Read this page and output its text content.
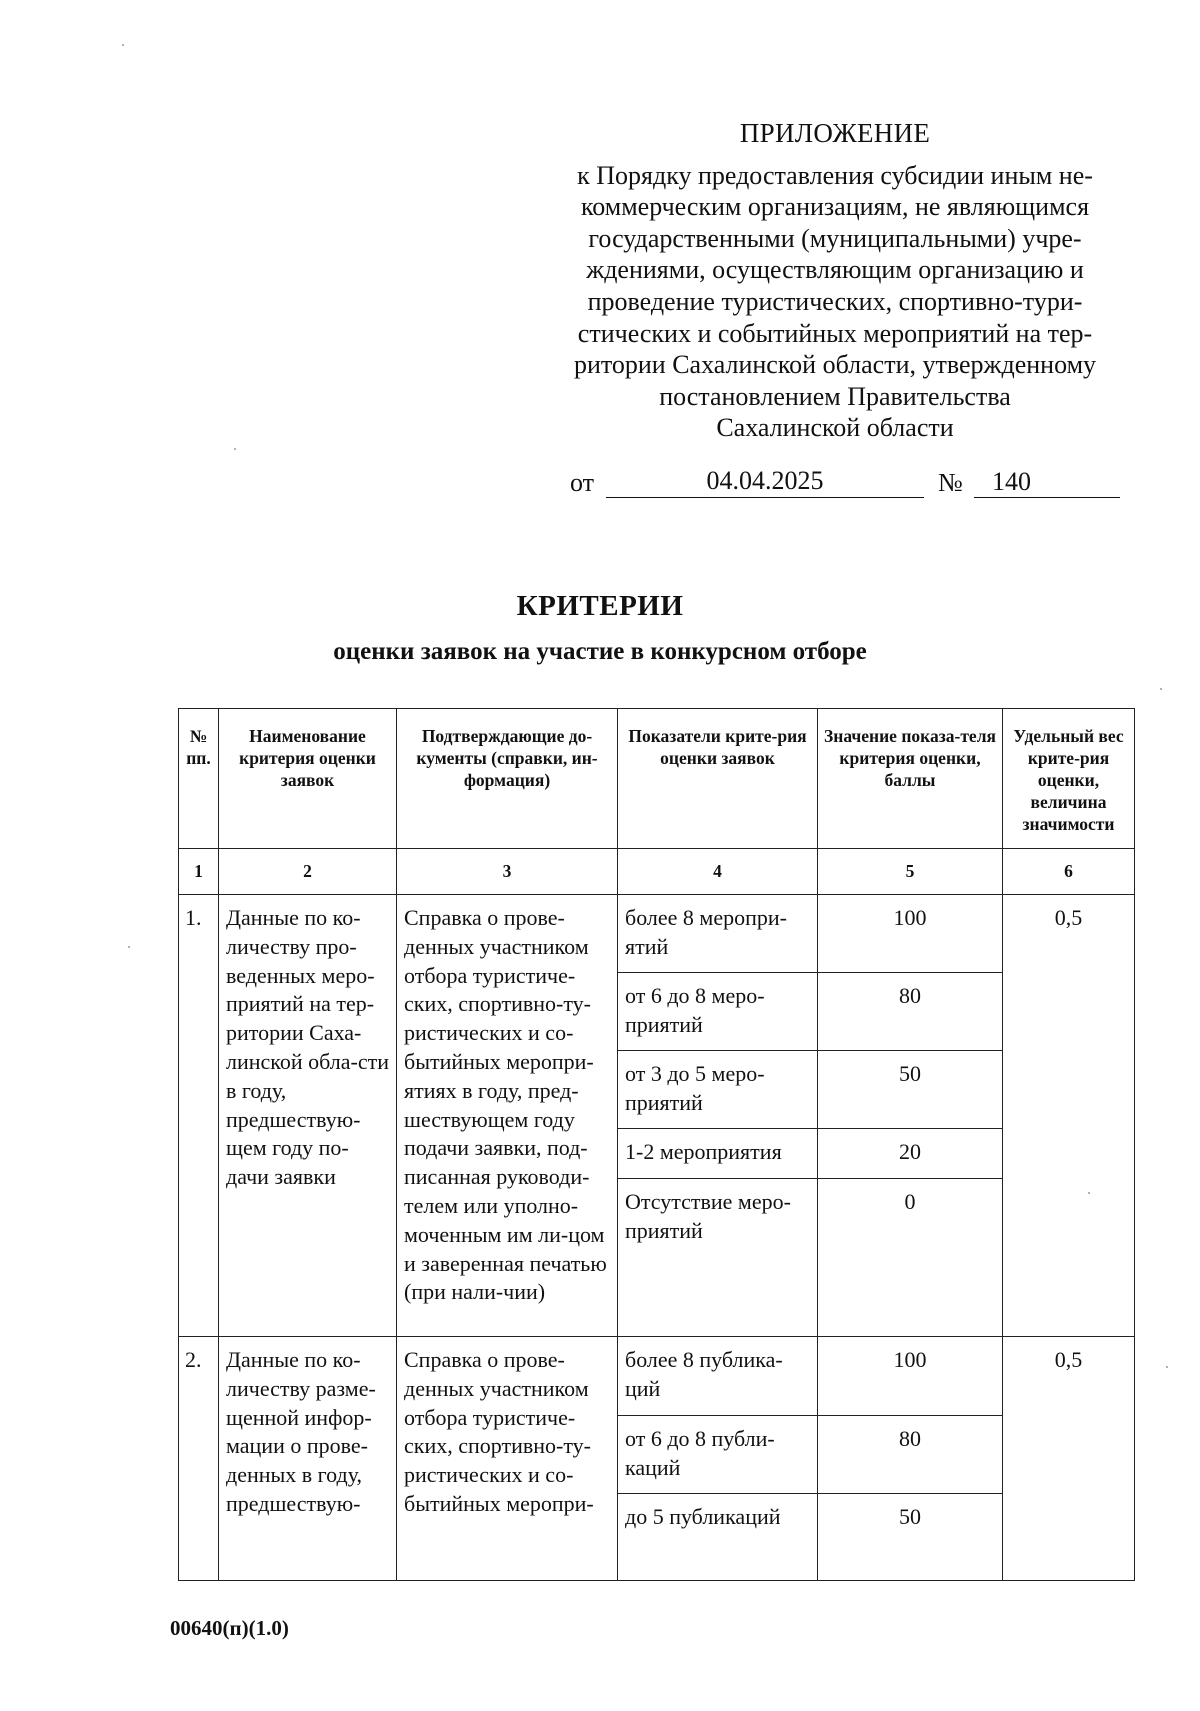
ПРИЛОЖЕНИЕ
к Порядку предоставления субсидии иным не-
коммерческим организациям, не являющимся
государственными (муниципальными) учре-
ждениями, осуществляющим организацию и
проведение туристических, спортивно-тури-
стических и событийных мероприятий на тер-
ритории Сахалинской области, утвержденному
постановлением Правительства
Сахалинской области
от	04.04.2025	№	140
КРИТЕРИИ
оценки заявок на участие в конкурсном отборе
№ пп.	Наименование критерия оценки заявок	Подтверждающие до-кументы (справки, ин-формация)	Показатели крите-рия оценки заявок	Значение показа-теля критерия оценки, баллы	Удельный вес крите-рия оценки, величина значимости
1	2	3	4	5	6
1.	Данные по ко-личеству про-веденных меро-приятий на тер-ритории Саха-линской обла-сти в году, предшествую-щем году по-дачи заявки	Справка о прове-денных участником отбора туристиче-ских, спортивно-ту-ристических и со-бытийных меропри-ятиях в году, пред-шествующем году подачи заявки, под-писанная руководи-телем или уполно-моченным им ли-цом и заверенная печатью (при нали-чии)	более 8 меропри-ятий	100	0,5
			от 6 до 8 меро-приятий	80	
			от 3 до 5 меро-приятий	50	
			1-2 мероприятия	20	
			Отсутствие меро-приятий	0	
2.	Данные по ко-личеству разме-щенной инфор-мации о прове-денных в году, предшествую-	Справка о прове-денных участником отбора туристиче-ских, спортивно-ту-ристических и со-бытийных меропри-	более 8 публика-ций	100	0,5
			от 6 до 8 публи-каций	80	
			до 5 публикаций	50	
00640(п)(1.0)
